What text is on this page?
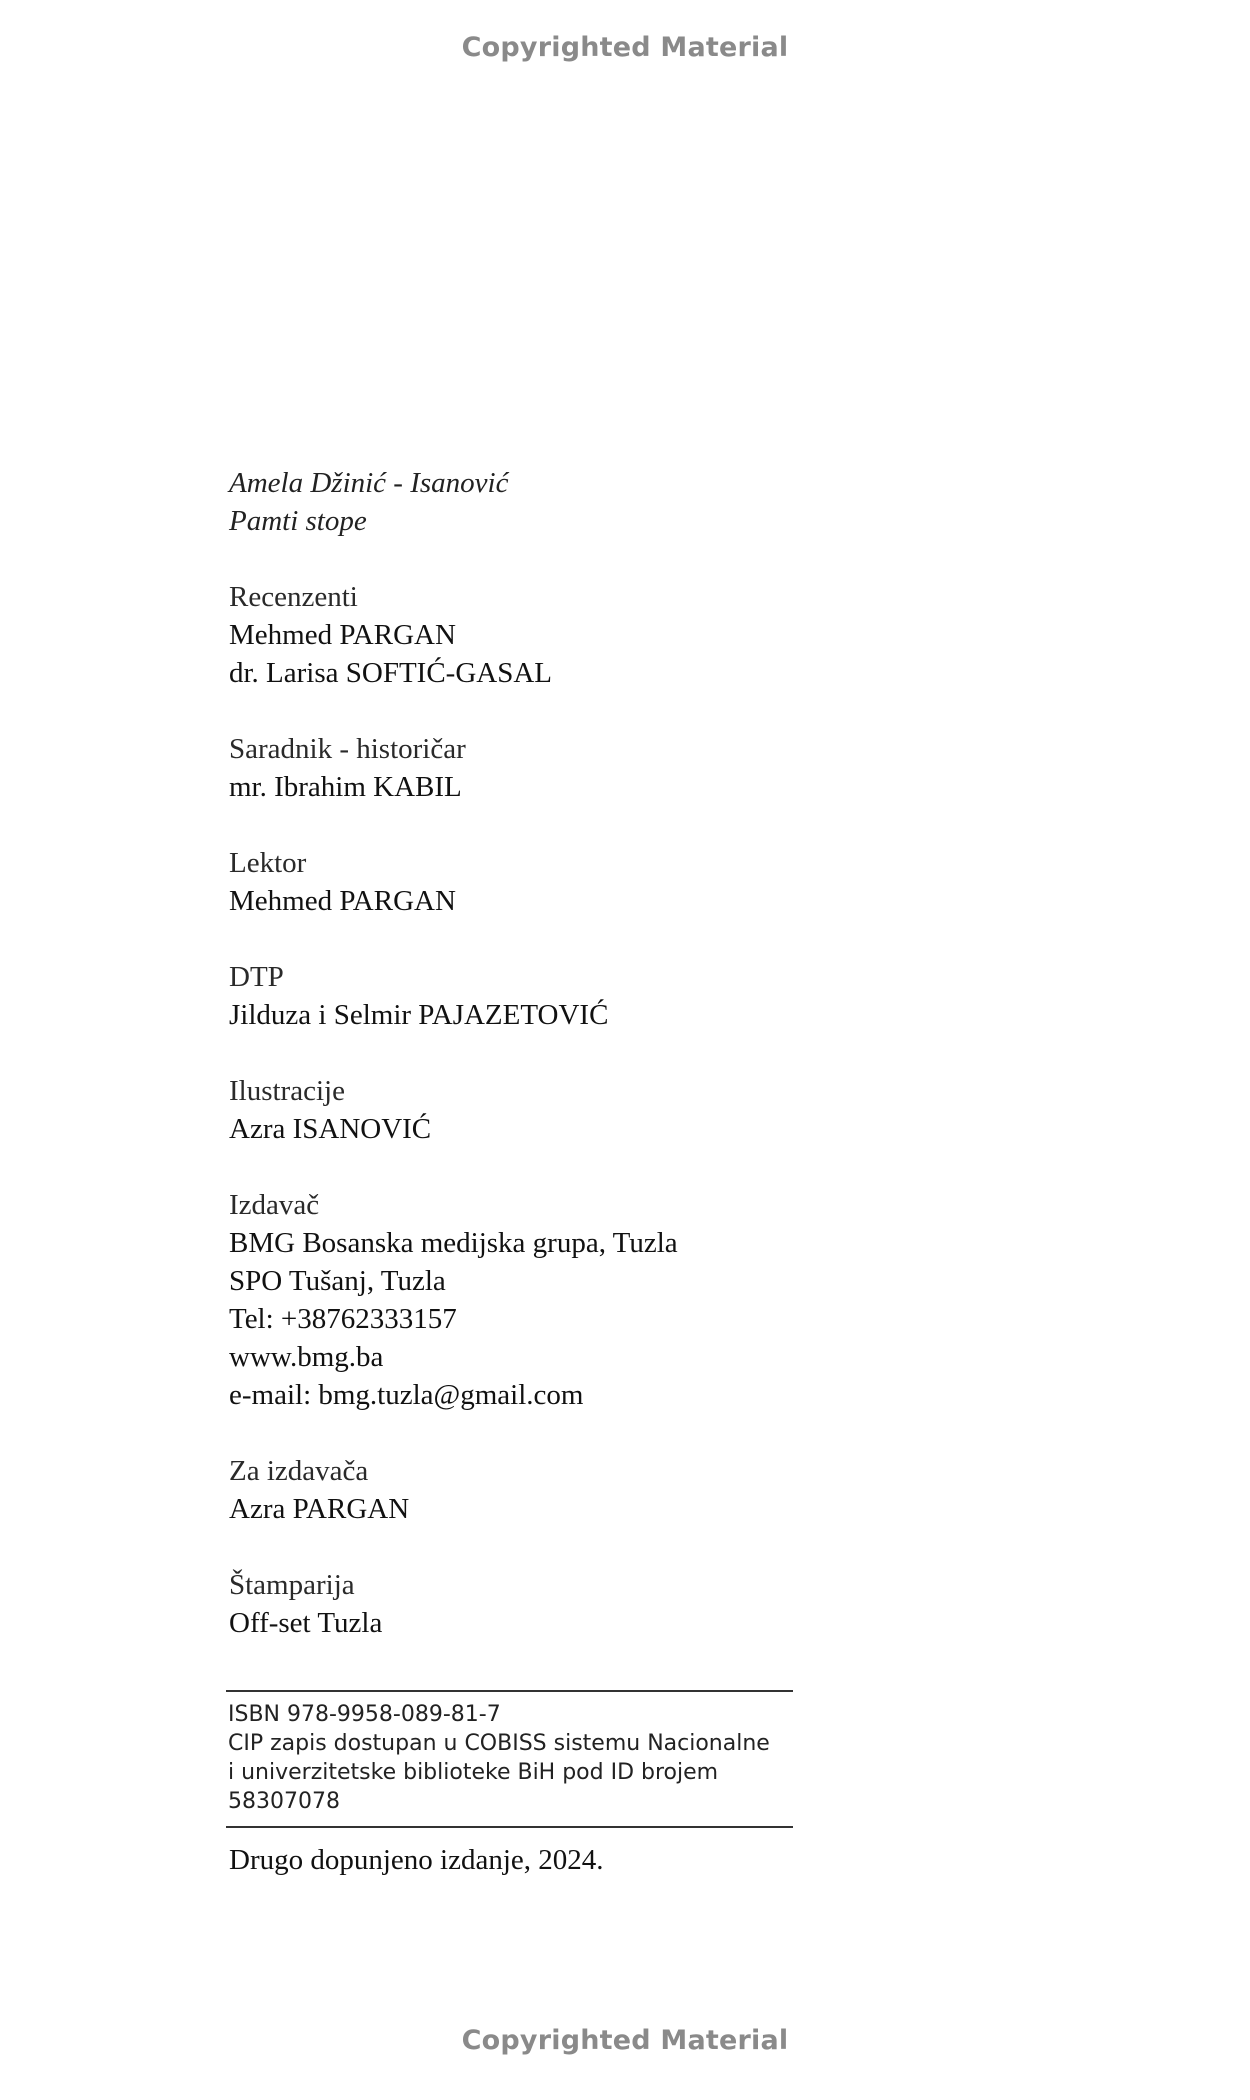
Copyrighted Material
Amela Džinić - Isanović
Pamti stope
Recenzenti
Mehmed PARGAN
dr. Larisa SOFTIĆ-GASAL
Saradnik - historičar
mr. Ibrahim KABIL
Lektor
Mehmed PARGAN
DTP
Jilduza i Selmir PAJAZETOVIĆ
Ilustracije
Azra ISANOVIĆ
Izdavač
BMG Bosanska medijska grupa, Tuzla
SPO Tušanj, Tuzla
Tel: +38762333157
www.bmg.ba
e-mail: bmg.tuzla@gmail.com
Za izdavača
Azra PARGAN
Štamparija
Off-set Tuzla
ISBN 978-9958-089-81-7
CIP zapis dostupan u COBISS sistemu Nacionalne
i univerzitetske biblioteke BiH pod ID brojem 58307078
Drugo dopunjeno izdanje, 2024.
Copyrighted Material
